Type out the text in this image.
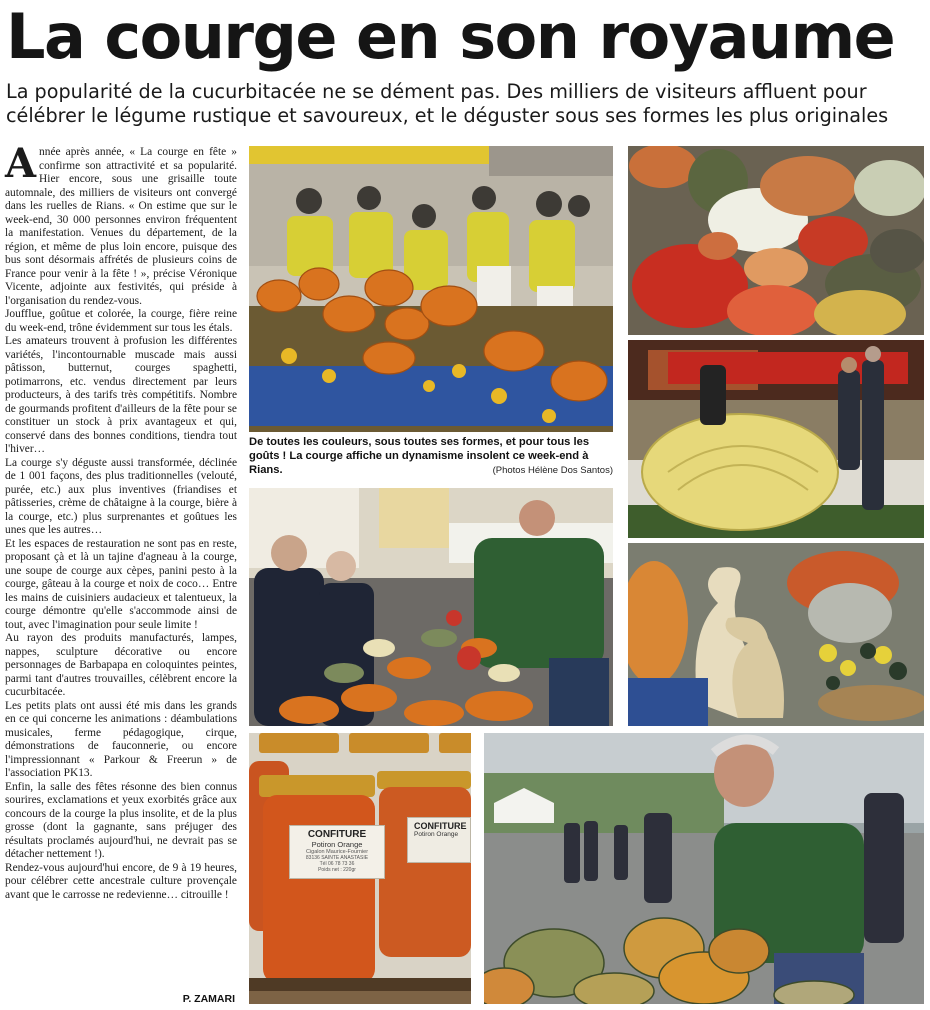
La courge en son royaume
La popularité de la cucurbitacée ne se dément pas. Des milliers de visiteurs affluent pour célébrer le légume rustique et savoureux, et le déguster sous ses formes les plus originales

Année après année, « La courge en fête » confirme son attractivité et sa popularité. Hier encore, sous une grisaille toute automnale, des milliers de visiteurs ont convergé dans les ruelles de Rians. « On estime que sur le week-end, 30 000 personnes environ fréquentent la manifestation. Venues du département, de la région, et même de plus loin encore, puisque des bus sont désormais affrétés de plusieurs coins de France pour venir à la fête ! », précise Véronique Vicente, adjointe aux festivités, qui préside à l'organisation du rendez-vous.

Joufflue, goûtue et colorée, la courge, fière reine du week-end, trône évidemment sur tous les étals.

Les amateurs trouvent à profusion les différentes variétés, l'incontournable muscade mais aussi pâtisson, butternut, courges spaghetti, potimarrons, etc. vendus directement par leurs producteurs, à des tarifs très compétitifs. Nombre de gourmands profitent d'ailleurs de la fête pour se constituer un stock à prix avantageux et qui, conservé dans des bonnes conditions, tiendra tout l'hiver…

La courge s'y déguste aussi transformée, déclinée de 1 001 façons, des plus traditionnelles (velouté, purée, etc.) aux plus inventives (friandises et pâtisseries, crème de châtaigne à la courge, bière à la courge, etc.) plus surprenantes et goûtues les unes que les autres…

Et les espaces de restauration ne sont pas en reste, proposant çà et là un tajine d'agneau à la courge, une soupe de courge aux cèpes, panini pesto à la courge, gâteau à la courge et noix de coco… Entre les mains de cuisiniers audacieux et talentueux, la courge démontre qu'elle s'accommode ainsi de tout, avec l'imagination pour seule limite !

Au rayon des produits manufacturés, lampes, nappes, sculpture décorative ou encore personnages de Barbapapa en coloquintes peintes, parmi tant d'autres trouvailles, célèbrent encore la cucurbitacée.

Les petits plats ont aussi été mis dans les grands en ce qui concerne les animations : déambulations musicales, ferme pédagogique, cirque, démonstrations de fauconnerie, ou encore l'impressionnant « Parkour & Freerun » de l'association PK13.

Enfin, la salle des fêtes résonne des bien connus sourires, exclamations et yeux exorbités grâce aux concours de la courge la plus insolite, et de la plus grosse (dont la gagnante, sans préjuger des résultats proclamés aujourd'hui, ne devrait pas se détacher nettement !).

Rendez-vous aujourd'hui encore, de 9 à 19 heures, pour célébrer cette ancestrale culture provençale avant que le carrosse ne redevienne… citrouille !

P. ZAMARI
De toutes les couleurs, sous toutes ses formes, et pour tous les goûts ! La courge affiche un dynamisme insolent ce week-end à Rians.	(Photos Hélène Dos Santos)
CONFITURE
Potiron Orange
Cigalon Maurice-Fournier
83136 SAINTE ANASTASIE
Tél 06 78 73 36
Poids net : 220gr
CONFITURE
Potiron Orange
